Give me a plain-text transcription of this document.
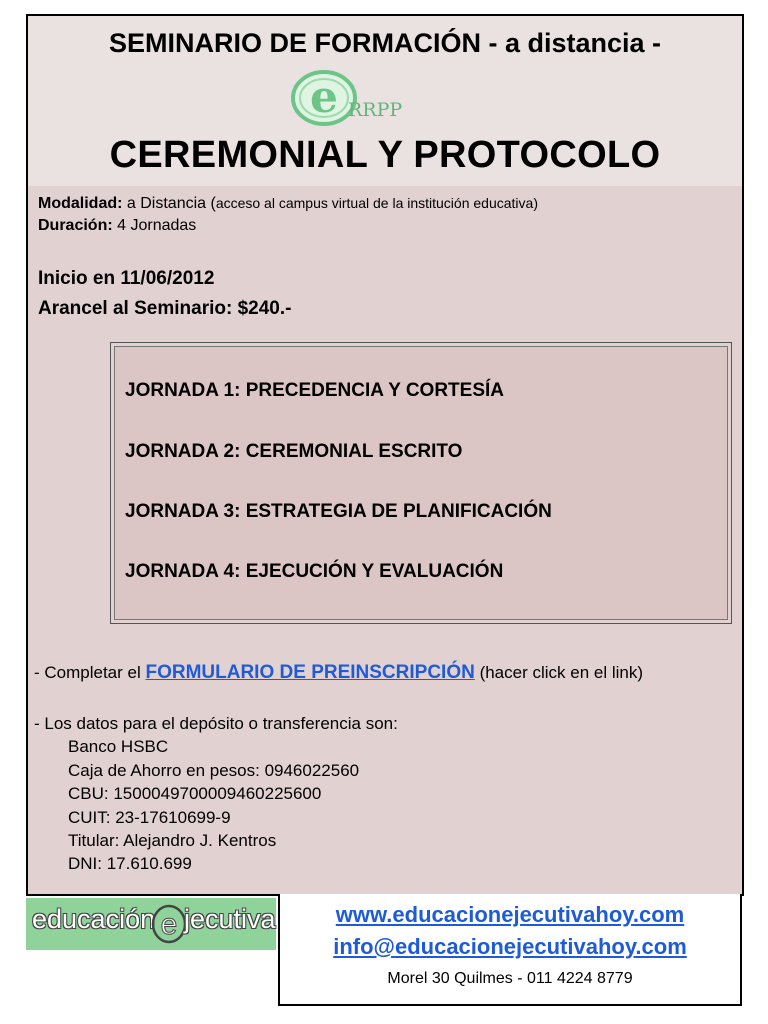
SEMINARIO DE FORMACIÓN - a distancia -
e RRPP
CEREMONIAL Y PROTOCOLO
Modalidad: a Distancia (acceso al campus virtual de la institución educativa)
Duración: 4 Jornadas
Inicio en 11/06/2012
Arancel al Seminario: $240.-
JORNADA 1: PRECEDENCIA Y CORTESÍA
JORNADA 2: CEREMONIAL ESCRITO
JORNADA 3: ESTRATEGIA DE PLANIFICACIÓN
JORNADA 4: EJECUCIÓN Y EVALUACIÓN
- Completar el FORMULARIO DE PREINSCRIPCIÓN (hacer click en el link)
- Los datos para el depósito o transferencia son:
Banco HSBC
Caja de Ahorro en pesos: 0946022560
CBU: 1500049700009460225600
CUIT: 23-17610699-9
Titular: Alejandro J. Kentros
DNI: 17.610.699
educación e jecutiva	www.educacionejecutivahoy.com
info@educacionejecutivahoy.com
Morel 30 Quilmes - 011 4224 8779
